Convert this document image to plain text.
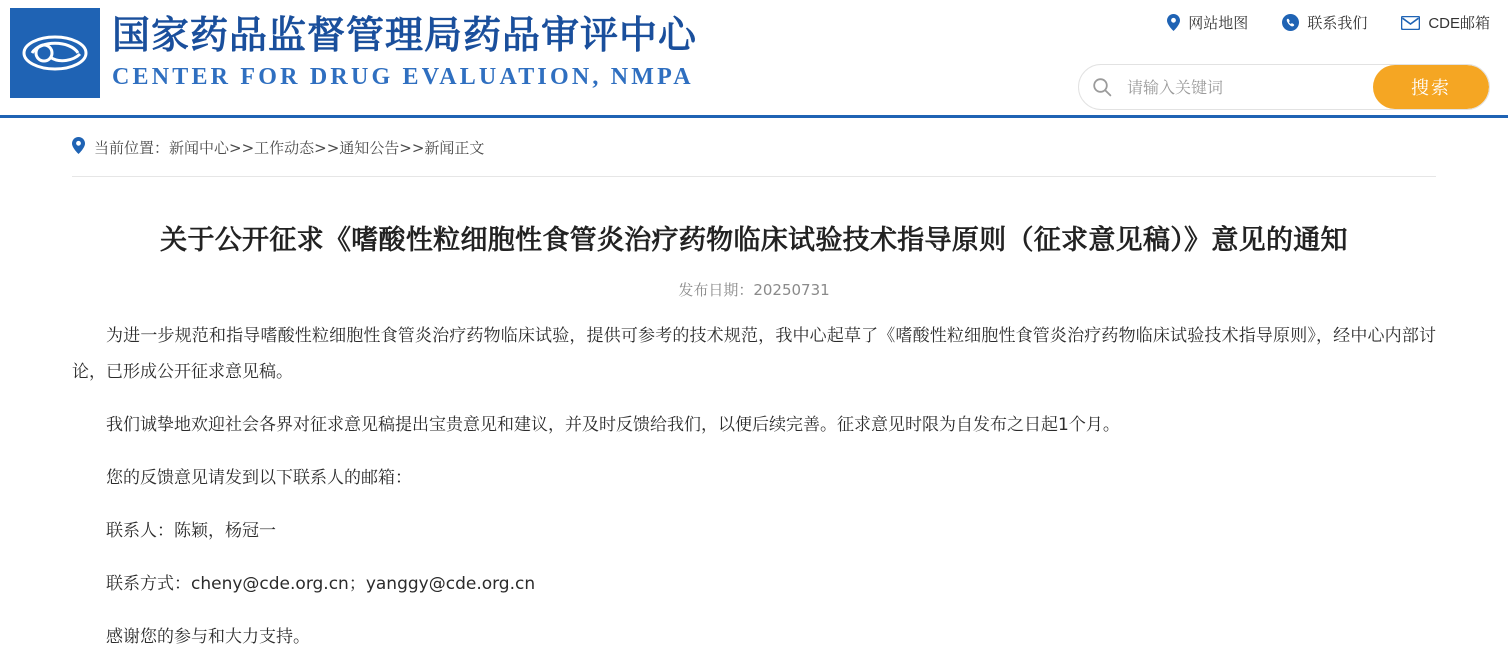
国家药品监督管理局药品审评中心
CENTER FOR DRUG EVALUATION, NMPA
网站地图	联系我们	CDE邮箱
请输入关键词
搜索
当前位置：新闻中心>>工作动态>>通知公告>>新闻正文
关于公开征求《嗜酸性粒细胞性食管炎治疗药物临床试验技术指导原则（征求意见稿）》意见的通知
发布日期：20250731

为进一步规范和指导嗜酸性粒细胞性食管炎治疗药物临床试验，提供可参考的技术规范，我中心起草了《嗜酸性粒细胞性食管炎治疗药物临床试验技术指导原则》，经中心内部讨论，已形成公开征求意见稿。

我们诚挚地欢迎社会各界对征求意见稿提出宝贵意见和建议，并及时反馈给我们，以便后续完善。征求意见时限为自发布之日起1个月。

您的反馈意见请发到以下联系人的邮箱：

联系人：陈颖，杨冠一

联系方式：cheny@cde.org.cn；yanggy@cde.org.cn

感谢您的参与和大力支持。
